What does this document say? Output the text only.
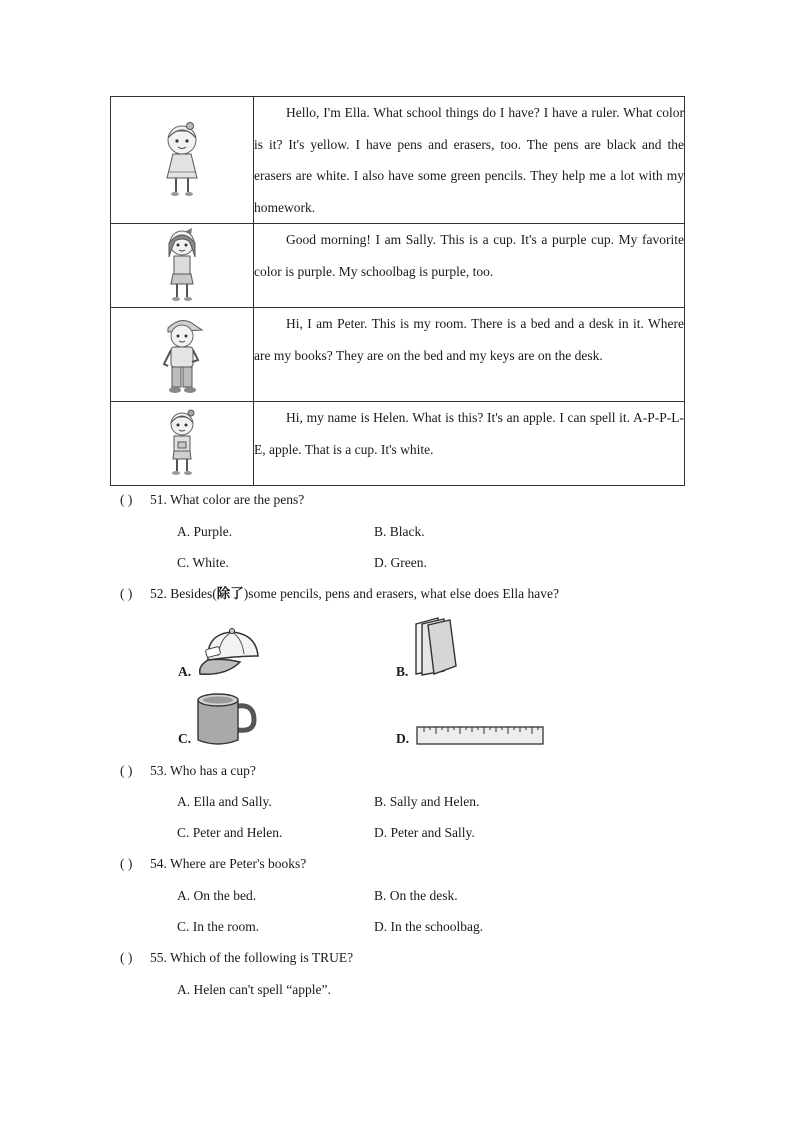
Hello, I'm Ella. What school things do I have? I have a ruler. What color is it? It's yellow. I have pens and erasers, too. The pens are black and the erasers are white. I also have some green pencils. They help me a lot with my homework.

Good morning! I am Sally. This is a cup. It's a purple cup. My favorite color is purple. My schoolbag is purple, too.

Hi, I am Peter. This is my room. There is a bed and a desk in it. Where are my books? They are on the bed and my keys are on the desk.

Hi, my name is Helen. What is this? It's an apple. I can spell it. A-P-P-L-E, apple. That is a cup. It's white.

( ) 51. What color are the pens?
A. Purple.	B. Black.
C. White.	D. Green.
( ) 52. Besides(除了)some pencils, pens and erasers, what else does Ella have?
A.	B.
C.	D.
( ) 53. Who has a cup?
A. Ella and Sally.	B. Sally and Helen.
C. Peter and Helen.	D. Peter and Sally.
( ) 54. Where are Peter's books?
A. On the bed.	B. On the desk.
C. In the room.	D. In the schoolbag.
( ) 55. Which of the following is TRUE?
A. Helen can't spell “apple”.
